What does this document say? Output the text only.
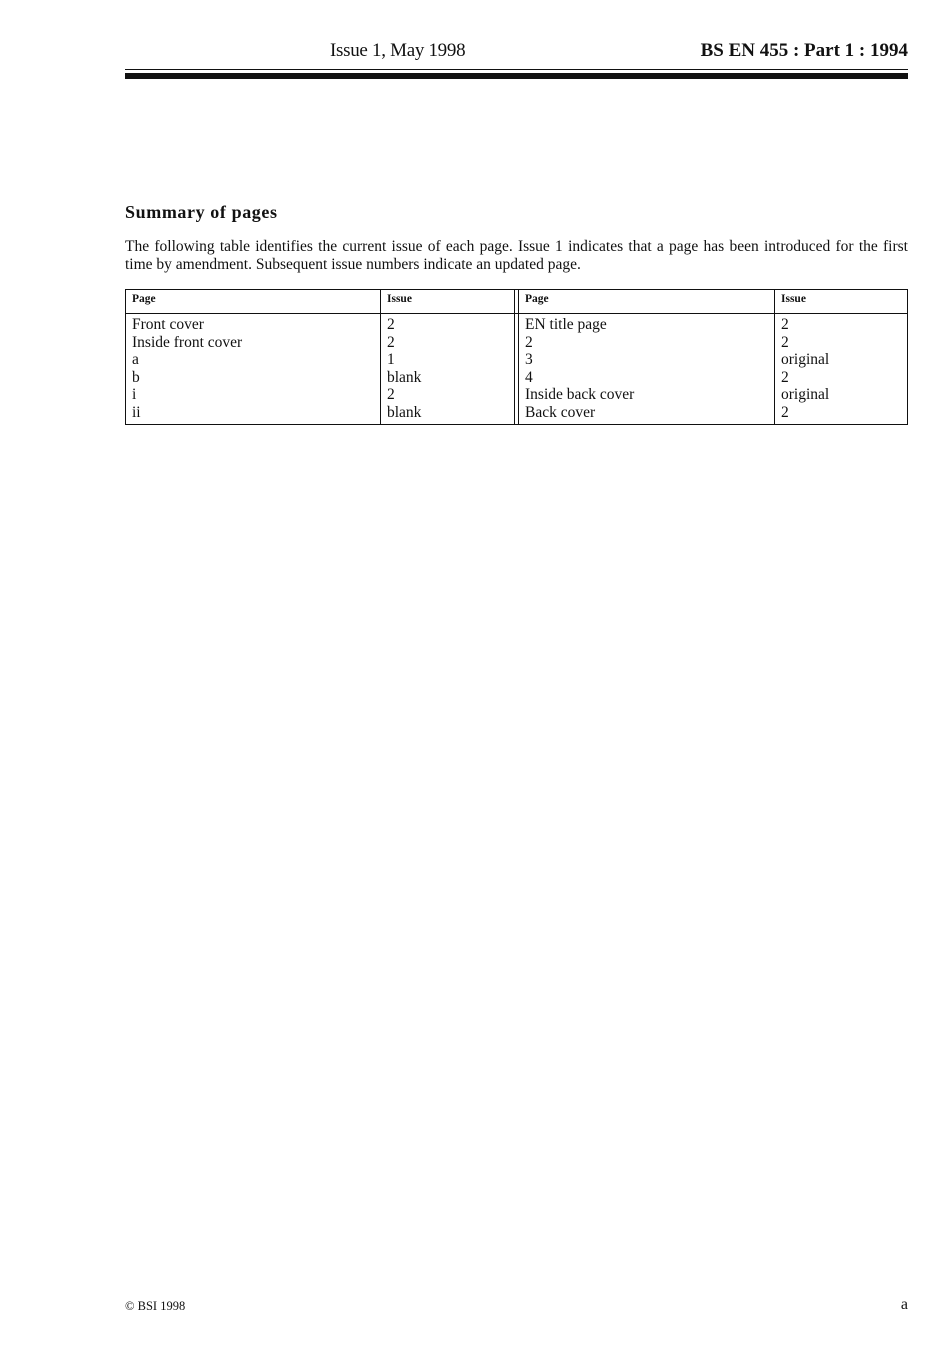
Issue 1, May 1998	BS EN 455 : Part 1 : 1994
Summary of pages
The following table identifies the current issue of each page. Issue 1 indicates that a page has been introduced for the first time by amendment. Subsequent issue numbers indicate an updated page.
Page
Front cover
Inside front cover
a
b
i
ii
Issue
2
2
1
blank
2
blank
Page
EN title page
2
3
4
Inside back cover
Back cover
Issue
2
2
original
2
original
2
© BSI 1998	a
